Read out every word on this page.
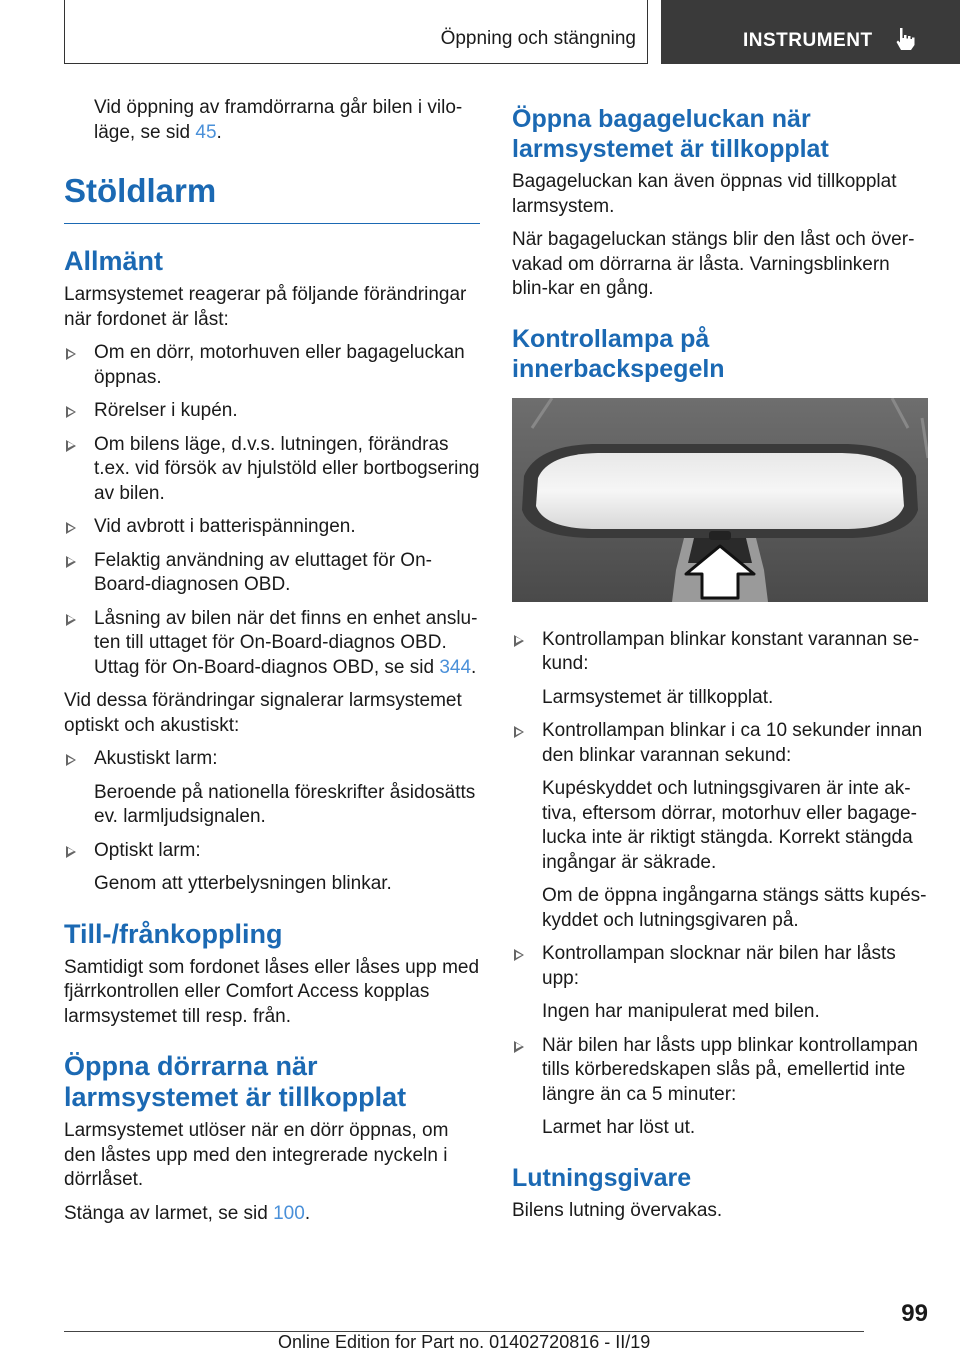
Öppning och stängning	INSTRUMENT

Vid öppning av framdörrarna går bilen i vilo-läge, se sid 45.

Stöldlarm
Allmänt

Larmsystemet reagerar på följande förändringar när fordonet är låst:

Om en dörr, motorhuven eller bagageluckan öppnas.
Rörelser i kupén.
Om bilens läge, d.v.s. lutningen, förändras t.ex. vid försök av hjulstöld eller bortbogsering av bilen.
Vid avbrott i batterispänningen.
Felaktig användning av eluttaget för On-Board-diagnosen OBD.
Låsning av bilen när det finns en enhet anslu-ten till uttaget för On-Board-diagnos OBD. Uttag för On-Board-diagnos OBD, se sid 344.

Vid dessa förändringar signalerar larmsystemet optiskt och akustiskt:

Akustiskt larm:
Beroende på nationella föreskrifter åsidosätts ev. larmljudsignalen.
Optiskt larm:
Genom att ytterbelysningen blinkar.
Till-/frånkoppling

Samtidigt som fordonet låses eller låses upp med fjärrkontrollen eller Comfort Access kopplas larmsystemet till resp. från.

Öppna dörrarna när larmsystemet är tillkopplat

Larmsystemet utlöser när en dörr öppnas, om den låstes upp med den integrerade nyckeln i dörrlåset.

Stänga av larmet, se sid 100.

Öppna bagageluckan när larmsystemet är tillkopplat

Bagageluckan kan även öppnas vid tillkopplat larmsystem.

När bagageluckan stängs blir den låst och över-vakad om dörrarna är låsta. Varningsblinkern blin-kar en gång.

Kontrollampa på innerbackspegeln
Kontrollampan blinkar konstant varannan se-kund:
Larmsystemet är tillkopplat.
Kontrollampan blinkar i ca 10 sekunder innan den blinkar varannan sekund:
Kupéskyddet och lutningsgivaren är inte ak-tiva, eftersom dörrar, motorhuv eller bagage-lucka inte är riktigt stängda. Korrekt stängda ingångar är säkrade.
Om de öppna ingångarna stängs sätts kupés-kyddet och lutningsgivaren på.
Kontrollampan slocknar när bilen har låsts upp:
Ingen har manipulerat med bilen.
När bilen har låsts upp blinkar kontrollampan tills körberedskapen slås på, emellertid inte längre än ca 5 minuter:
Larmet har löst ut.
Lutningsgivare

Bilens lutning övervakas.

99
Online Edition for Part no. 01402720816 - II/19
